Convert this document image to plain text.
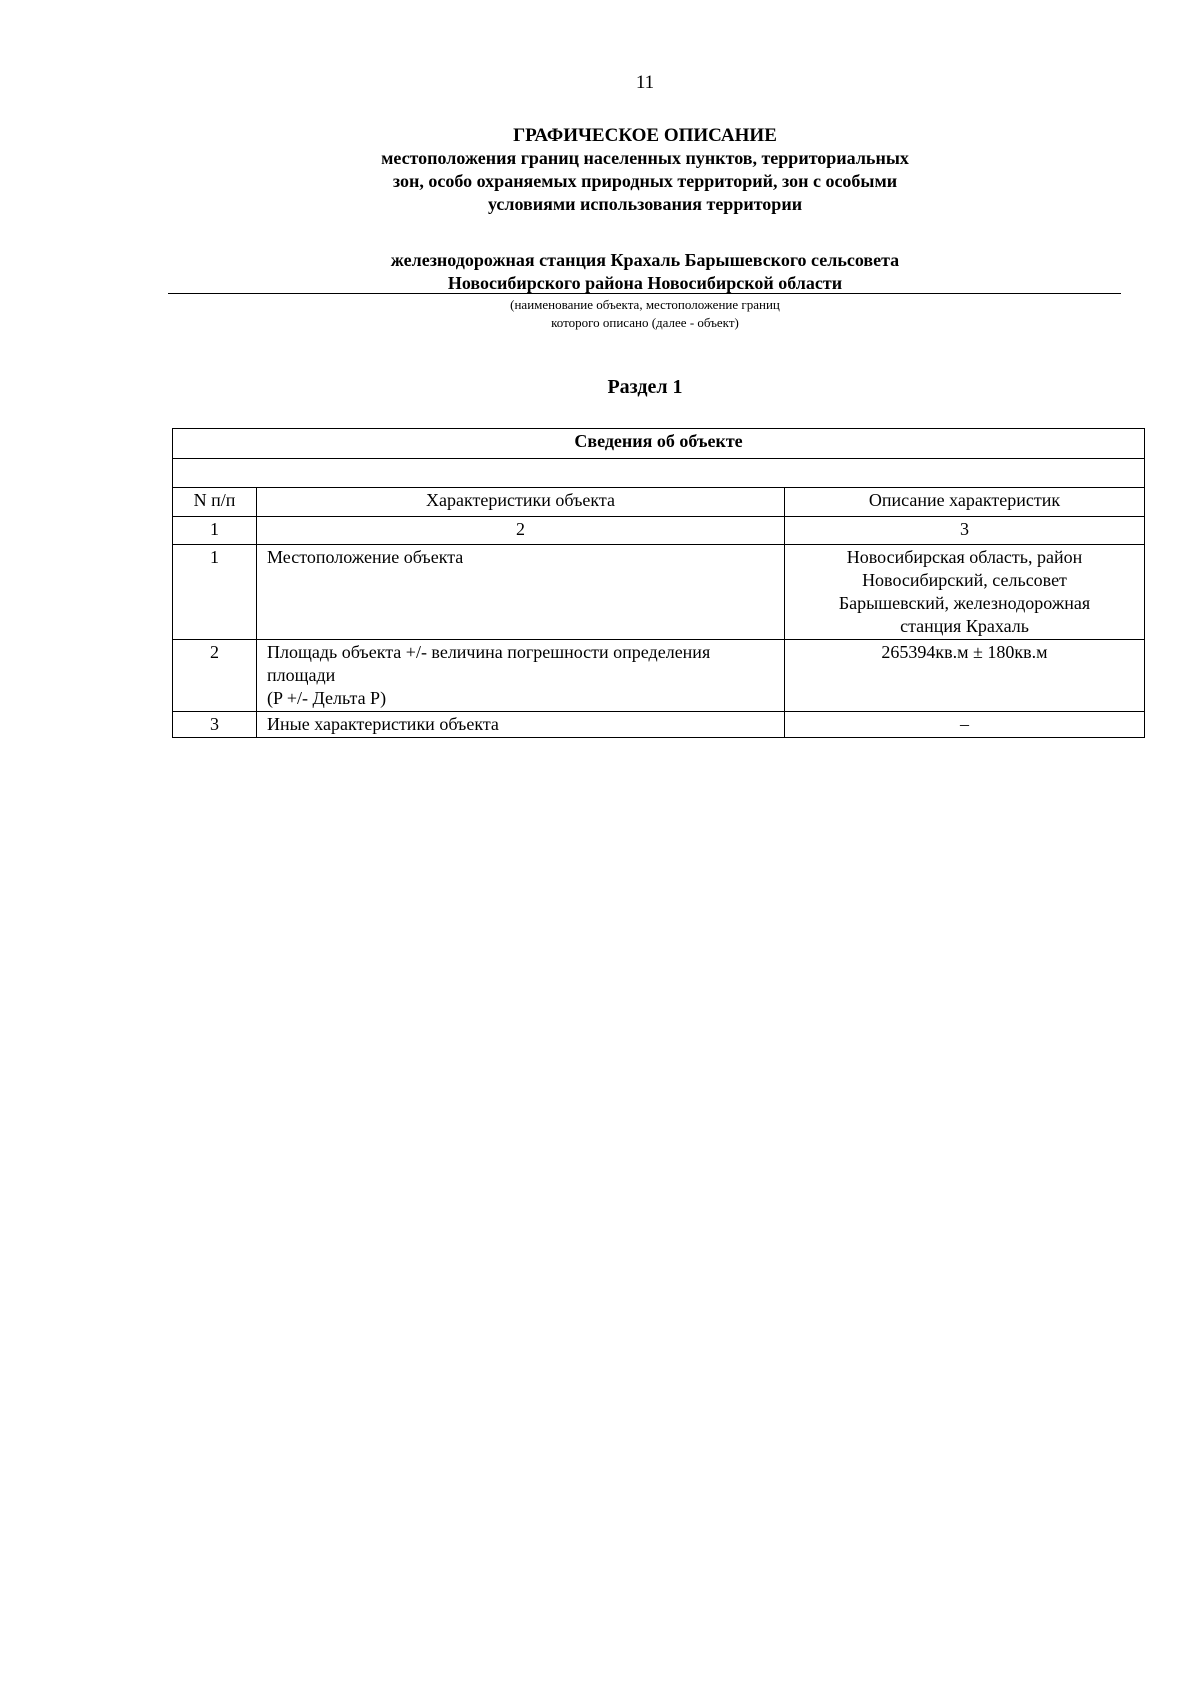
11
ГРАФИЧЕСКОЕ ОПИСАНИЕ
местоположения границ населенных пунктов, территориальных
зон, особо охраняемых природных территорий, зон с особыми
условиями использования территории
железнодорожная станция Крахаль Барышевского сельсовета
Новосибирского района Новосибирской области
(наименование объекта, местоположение границ
которого описано (далее - объект)
Раздел 1
Сведения об объекте		

N п/п	Характеристики объекта	Описание характеристик
1	2	3
1	Местоположение объекта	Новосибирская область, район
Новосибирский, сельсовет
Барышевский, железнодорожная
станция Крахаль

2	Площадь объекта +/- величина погрешности определения
площади
(P +/- Дельта P)	265394кв.м ± 180кв.м

3	Иные характеристики объекта	–
